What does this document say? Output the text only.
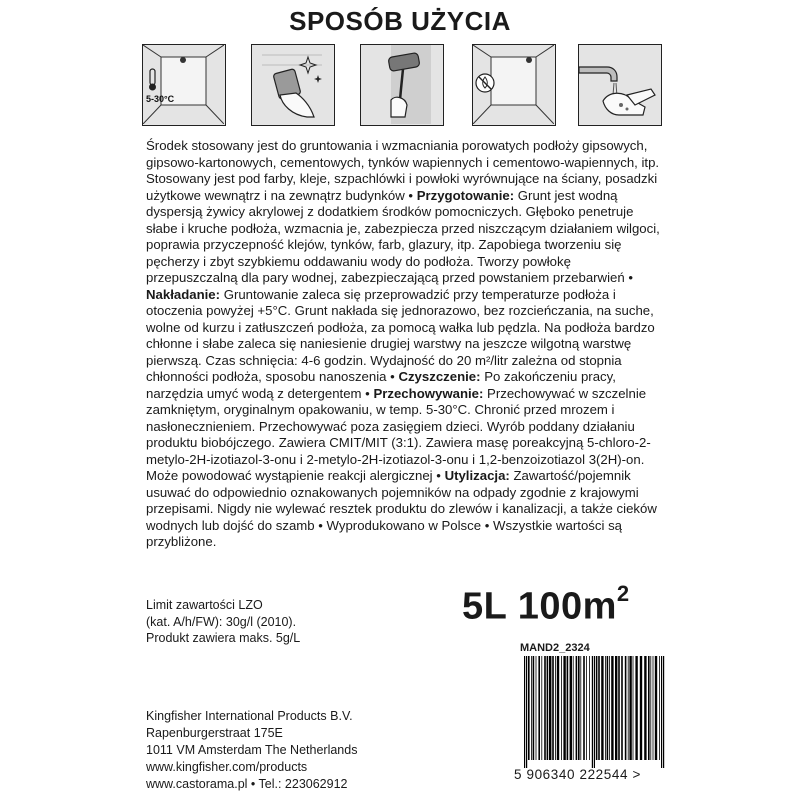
SPOSÓB UŻYCIA
5-30°C

Środek stosowany jest do gruntowania i wzmacniania porowatych podłoży gipsowych, gipsowo-kartonowych, cementowych, tynków wapiennych i cementowo-wapiennych, itp. Stosowany jest pod farby, kleje, szpachlówki i powłoki wyrównujące na ściany, posadzki użytkowe wewnątrz i na zewnątrz budynków • Przygotowanie: Grunt jest wodną dyspersją żywicy akrylowej z dodatkiem środków pomocniczych. Głęboko penetruje słabe i kruche podłoża, wzmacnia je, zabezpiecza przed niszczącym działaniem wilgoci, poprawia przyczepność klejów, tynków, farb, glazury, itp. Zapobiega tworzeniu się pęcherzy i zbyt szybkiemu oddawaniu wody do podłoża. Tworzy powłokę przepuszczalną dla pary wodnej, zabezpieczającą przed powstaniem przebarwień • Nakładanie: Gruntowanie zaleca się przeprowadzić przy temperaturze podłoża i otoczenia powyżej +5°C. Grunt nakłada się jednorazowo, bez rozcieńczania, na suche, wolne od kurzu i zatłuszczeń podłoża, za pomocą wałka lub pędzla. Na podłoża bardzo chłonne i słabe zaleca się naniesienie drugiej warstwy na jeszcze wilgotną warstwę pierwszą. Czas schnięcia: 4-6 godzin. Wydajność do 20 m²/litr zależna od stopnia chłonności podłoża, sposobu nanoszenia • Czyszczenie: Po zakończeniu pracy, narzędzia umyć wodą z detergentem • Przechowywanie: Przechowywać w szczelnie zamkniętym, oryginalnym opakowaniu, w temp. 5-30°C. Chronić przed mrozem i nasłonecznieniem. Przechowywać poza zasięgiem dzieci. Wyrób poddany działaniu produktu biobójczego. Zawiera CMIT/MIT (3:1). Zawiera masę poreakcyjną 5-chloro-2-metylo-2H-izotiazol-3-onu i 2-metylo-2H-izotiazol-3-onu i 1,2-benzoizotiazol 3(2H)-on. Może powodować wystąpienie reakcji alergicznej • Utylizacja: Zawartość/pojemnik usuwać do odpowiednio oznakowanych pojemników na odpady zgodnie z krajowymi przepisami. Nigdy nie wylewać resztek produktu do zlewów i kanalizacji, a także cieków wodnych lub dojść do szamb • Wyprodukowano w Polsce • Wszystkie wartości są przybliżone.

Limit zawartości LZO
(kat. A/h/FW): 30g/l (2010).
Produkt zawiera maks. 5g/L
5L $100m^2$
MAND2_2324
Kingfisher International Products B.V.
Rapenburgerstraat 175E
1011 VM Amsterdam The Netherlands
www.kingfisher.com/products
www.castorama.pl • Tel.: 223062912
5 906340 222544 >
